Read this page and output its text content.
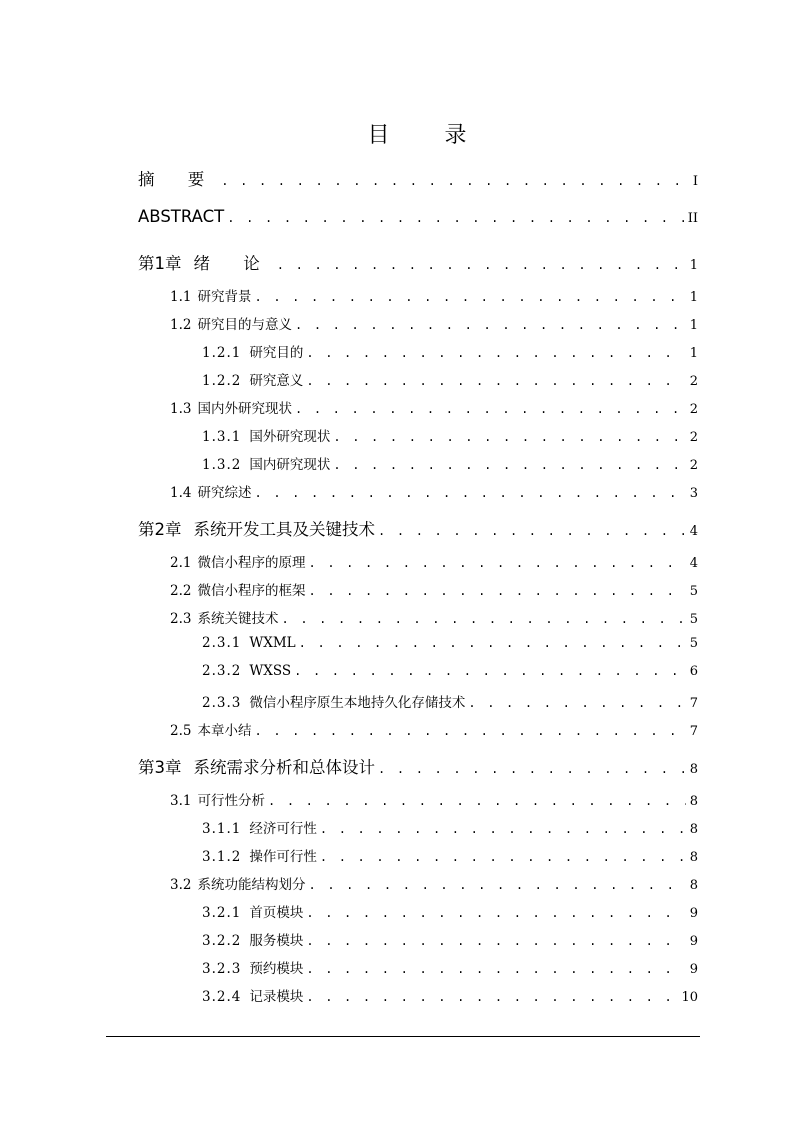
目 录
摘 要 . . .	I
ABSTRACT . . .	II
第1章 绪 论 . . .	1
1.1 研究背景 . . .	1
1.2 研究目的与意义 . . .	1
1.2.1 研究目的 . . .	1
1.2.2 研究意义 . . .	2
1.3 国内外研究现状 . . .	2
1.3.1 国外研究现状 . . .	2
1.3.2 国内研究现状 . . .	2
1.4 研究综述 . . .	3
第2章 系统开发工具及关键技术 . . .	4
2.1 微信小程序的原理 . . .	4
2.2 微信小程序的框架 . . .	5
2.3 系统关键技术 . . .	5
2.3.1 WXML . . .	5
2.3.2 WXSS . . .	6
2.3.3 微信小程序原生本地持久化存储技术 . . .	7
2.5 本章小结 . . .	7
第3章 系统需求分析和总体设计 . . .	8
3.1 可行性分析 . . .	8
3.1.1 经济可行性 . . .	8
3.1.2 操作可行性 . . .	8
3.2 系统功能结构划分 . . .	8
3.2.1 首页模块 . . .	9
3.2.2 服务模块 . . .	9
3.2.3 预约模块 . . .	9
3.2.4 记录模块 . . .	10
